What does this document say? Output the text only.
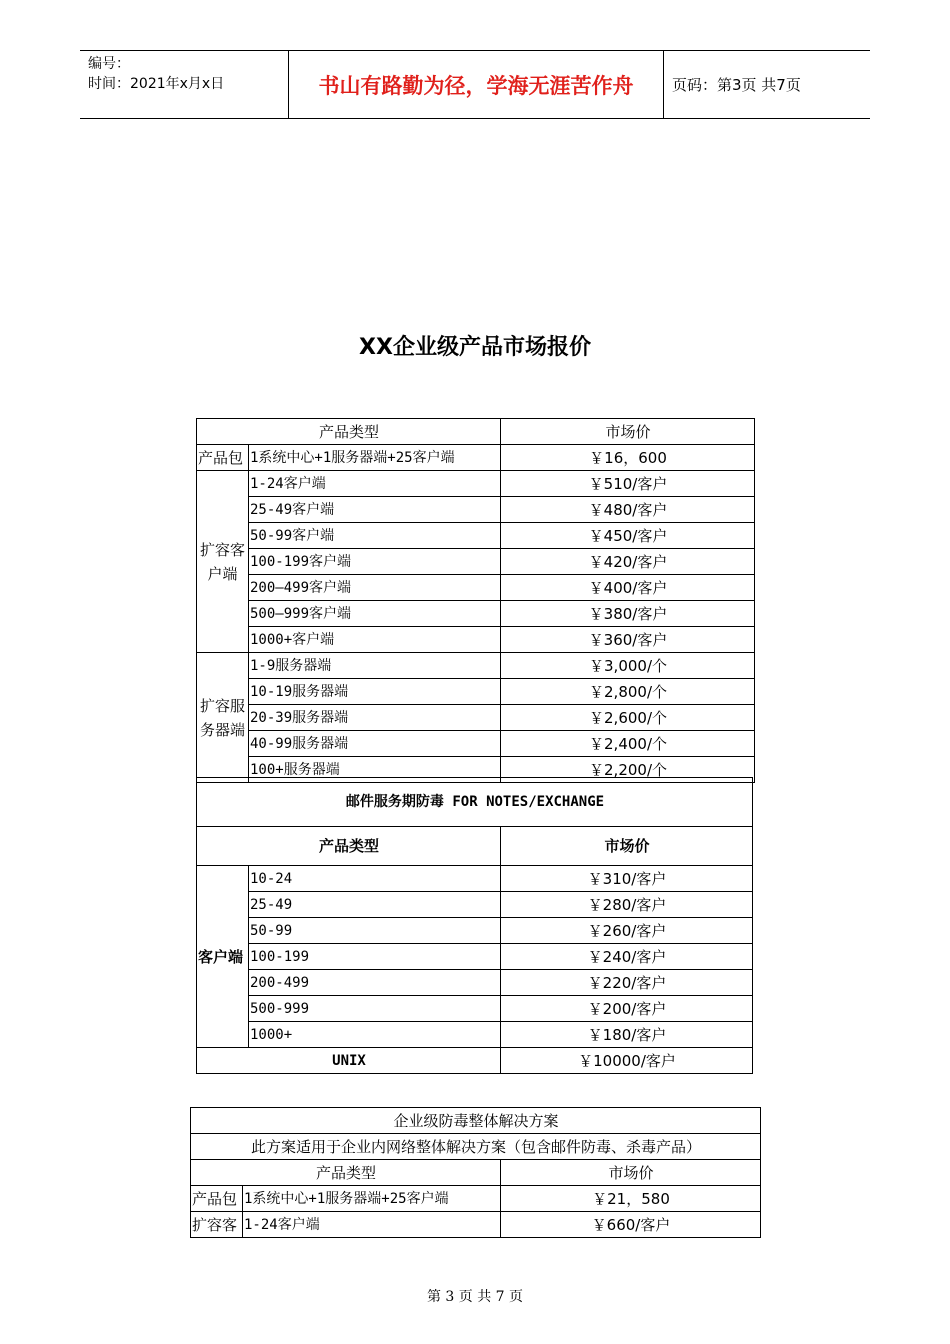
编号：
时间：2021年x月x日	书山有路勤为径，学海无涯苦作舟	页码：第3页 共7页
XX企业级产品市场报价
产品类型		市场价
产品包	1系统中心+1服务器端+25客户端	￥16，600
扩容客户端	1-24客户端	￥510/客户
	25-49客户端	￥480/客户
	50-99客户端	￥450/客户
	100-199客户端	￥420/客户
	200—499客户端	￥400/客户
	500—999客户端	￥380/客户
	1000+客户端	￥360/客户
扩容服务器端	1-9服务器端	￥3,000/个
	10-19服务器端	￥2,800/个
	20-39服务器端	￥2,600/个
	40-99服务器端	￥2,400/个
	100+服务器端	￥2,200/个
邮件服务期防毒 FOR NOTES/EXCHANGE		
产品类型		市场价
客户端	10-24	￥310/客户
	25-49	￥280/客户
	50-99	￥260/客户
	100-199	￥240/客户
	200-499	￥220/客户
	500-999	￥200/客户
	1000+	￥180/客户
UNIX		￥10000/客户
企业级防毒整体解决方案		
此方案适用于企业内网络整体解决方案（包含邮件防毒、杀毒产品）		
产品类型		市场价
产品包	1系统中心+1服务器端+25客户端	￥21，580
扩容客	1-24客户端	￥660/客户
第 3 页 共 7 页
